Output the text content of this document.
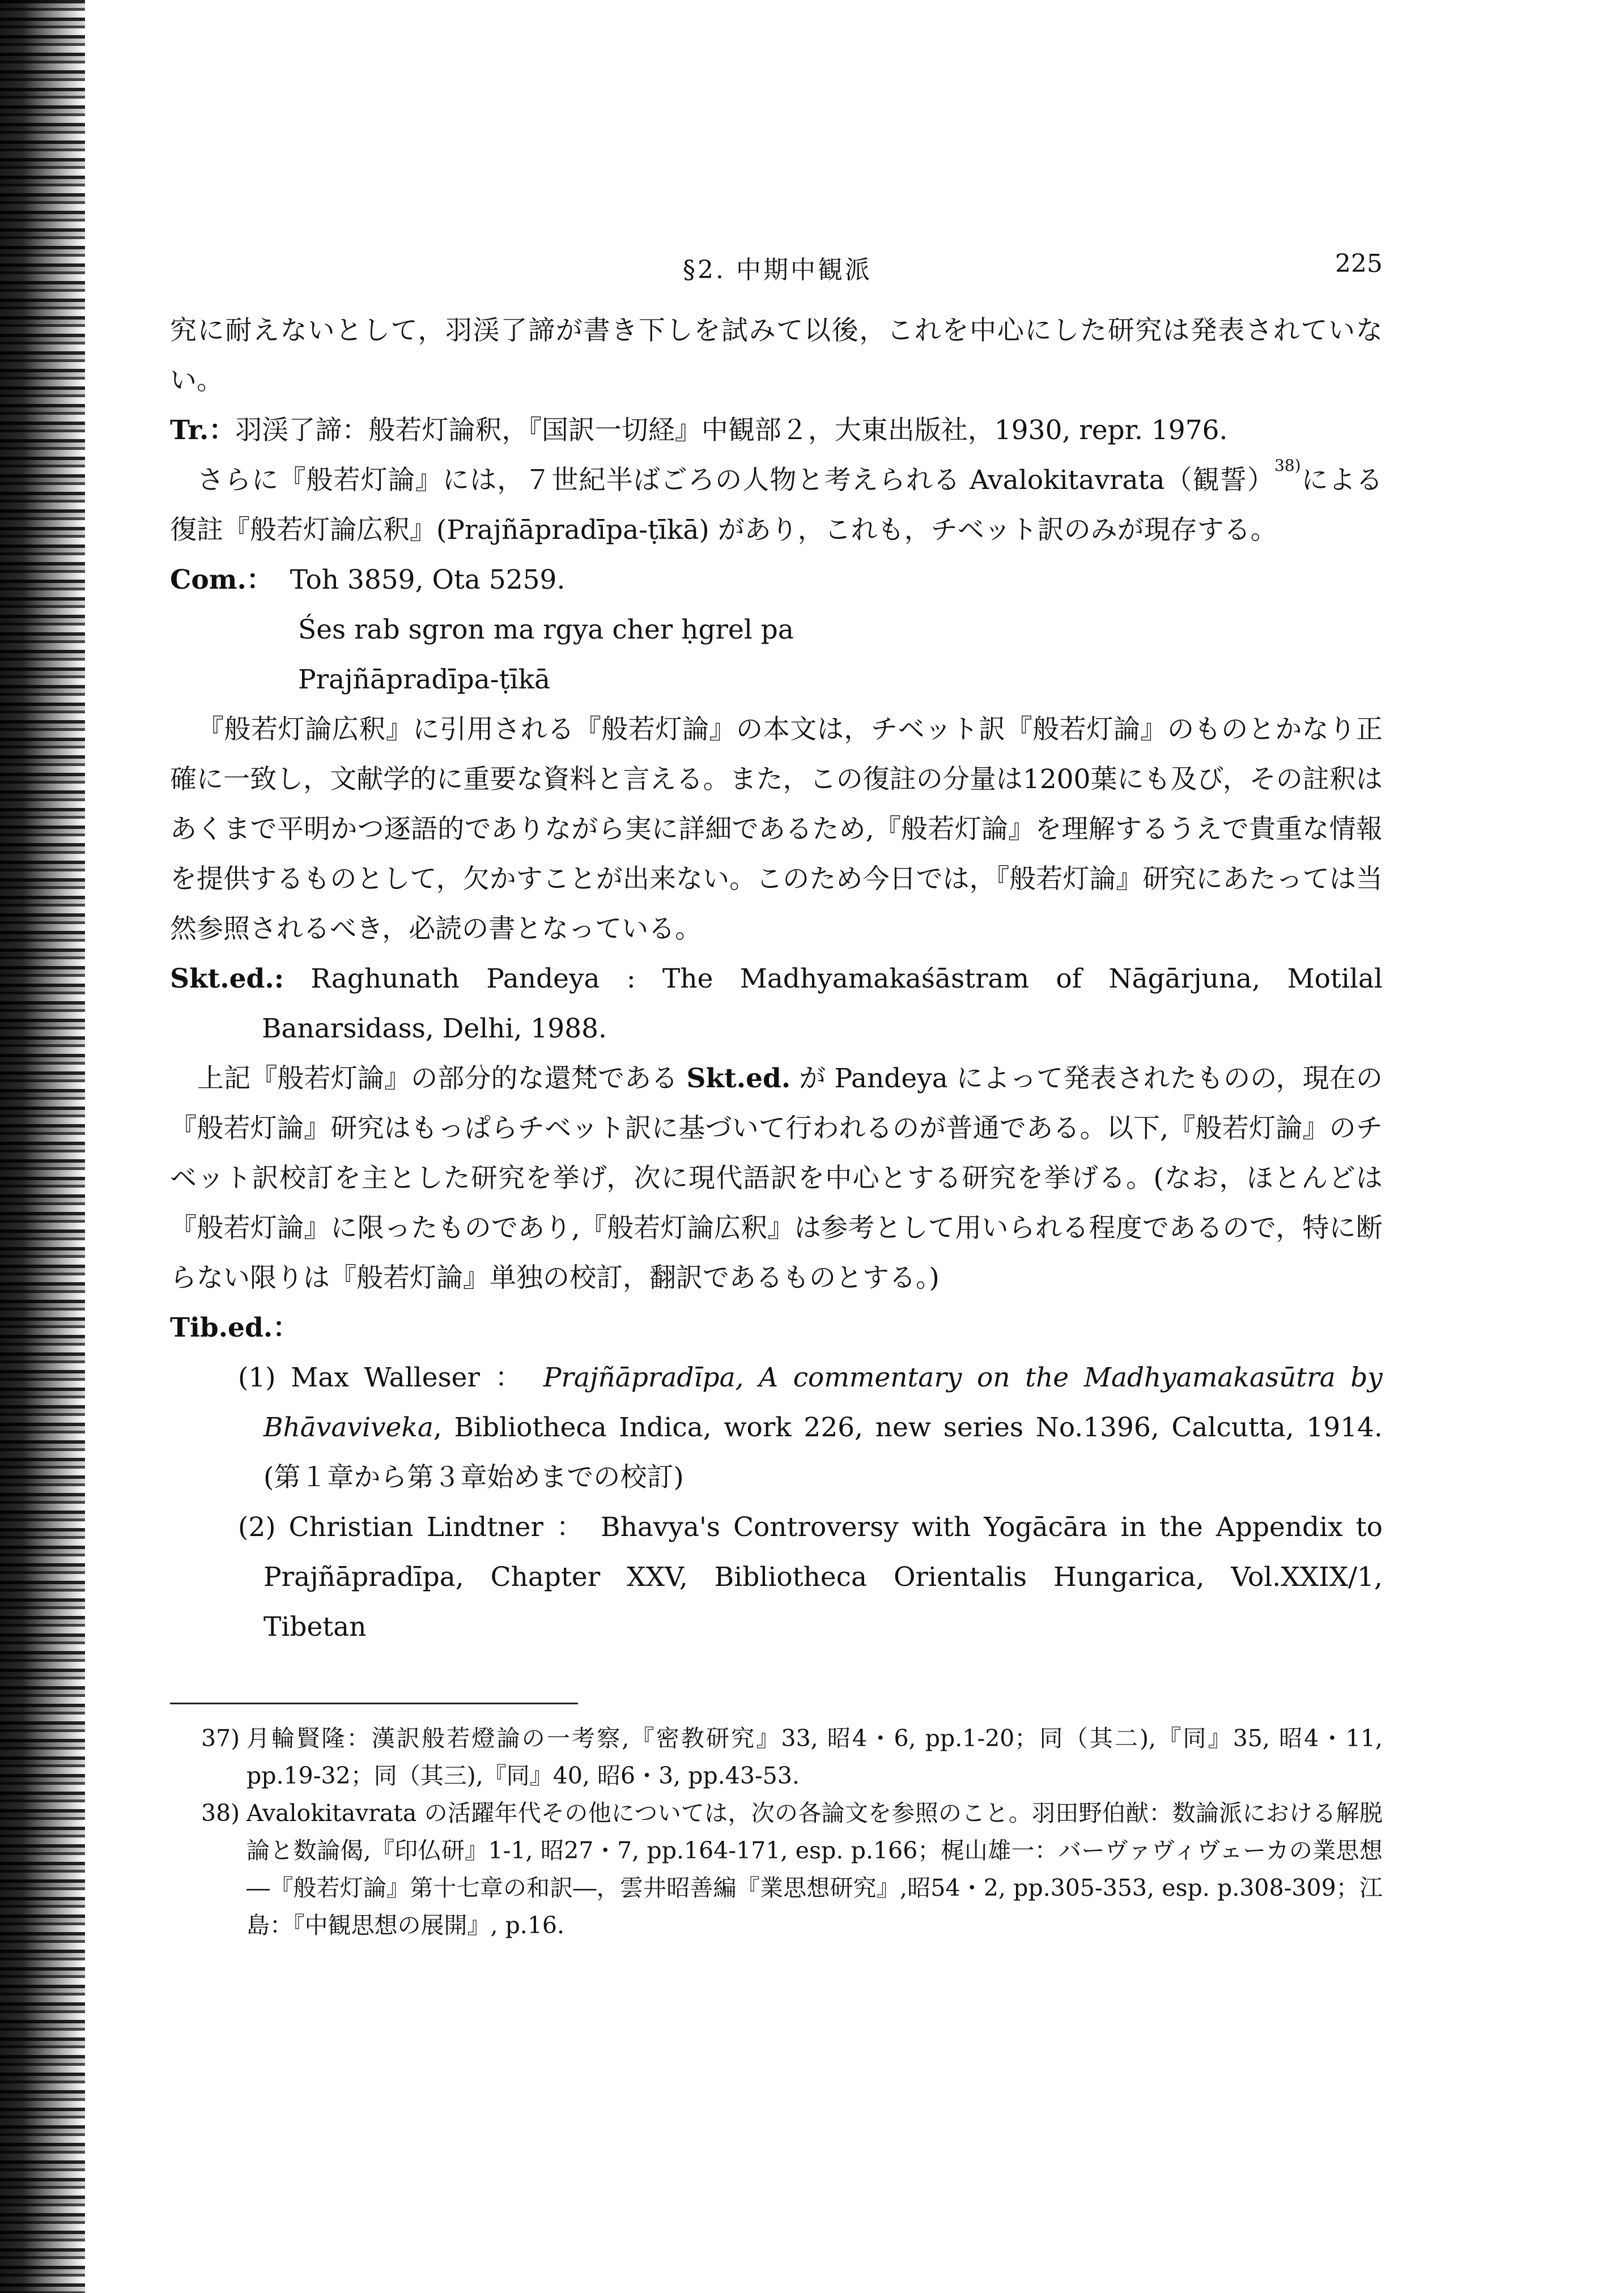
§2. 中期中観派	225

究に耐えないとして，羽渓了諦が書き下しを試みて以後，これを中心にした研究は発表されていない。

Tr.：羽渓了諦：般若灯論釈，『国訳一切経』中観部２，大東出版社，1930, repr. 1976.

さらに『般若灯論』には，７世紀半ばごろの人物と考えられる Avalokitavrata（観誓）$^{38)}$による復註『般若灯論広釈』(Prajñāpradīpa-ṭīkā) があり，これも，チベット訳のみが現存する。

Com.： Toh 3859, Ota 5259.

Śes rab sgron ma rgya cher ḥgrel pa

Prajñāpradīpa-ṭīkā

『般若灯論広釈』に引用される『般若灯論』の本文は，チベット訳『般若灯論』のものとかなり正確に一致し，文献学的に重要な資料と言える。また，この復註の分量は1200葉にも及び，その註釈はあくまで平明かつ逐語的でありながら実に詳細であるため,『般若灯論』を理解するうえで貴重な情報を提供するものとして，欠かすことが出来ない。このため今日では，『般若灯論』研究にあたっては当然参照されるべき，必読の書となっている。

Skt.ed.: Raghunath Pandeya : The Madhyamakaśāstram of Nāgārjuna, Motilal Banarsidass, Delhi, 1988.

上記『般若灯論』の部分的な還梵である Skt.ed. が Pandeya によって発表されたものの，現在の『般若灯論』研究はもっぱらチベット訳に基づいて行われるのが普通である。以下,『般若灯論』のチベット訳校訂を主とした研究を挙げ，次に現代語訳を中心とする研究を挙げる。(なお，ほとんどは『般若灯論』に限ったものであり,『般若灯論広釈』は参考として用いられる程度であるので，特に断らない限りは『般若灯論』単独の校訂，翻訳であるものとする。)

Tib.ed.：

(1) Max Walleser ： Prajñāpradīpa, A commentary on the Madhyamakasūtra by Bhāvaviveka, Bibliotheca Indica, work 226, new series No.1396, Calcutta, 1914. (第１章から第３章始めまでの校訂)

(2) Christian Lindtner ： Bhavya's Controversy with Yogācāra in the Appendix to Prajñāpradīpa, Chapter XXV, Bibliotheca Orientalis Hungarica, Vol.XXIX/1, Tibetan

37) 月輪賢隆：漢訳般若燈論の一考察,『密教研究』33, 昭4・6, pp.1-20；同（其二),『同』35, 昭4・11, pp.19-32；同（其三),『同』40, 昭6・3, pp.43-53.
38) Avalokitavrata の活躍年代その他については，次の各論文を参照のこと。羽田野伯猷：数論派における解脱論と数論偈,『印仏研』1-1, 昭27・7, pp.164-171, esp. p.166；梶山雄一：バーヴァヴィヴェーカの業思想―『般若灯論』第十七章の和訳―，雲井昭善編『業思想研究』,昭54・2, pp.305-353, esp. p.308-309；江島：『中観思想の展開』, p.16.
